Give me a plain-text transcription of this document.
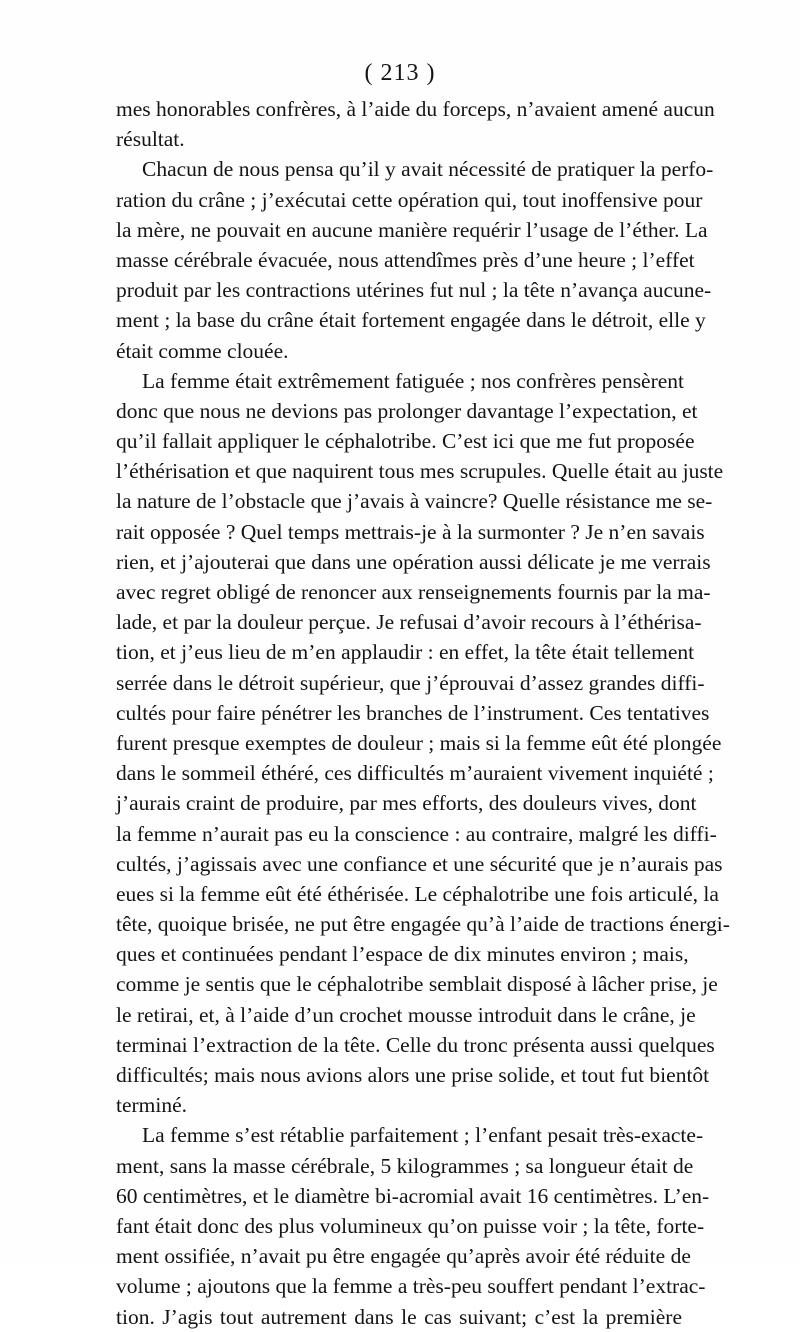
( 213 )
mes honorables confrères, à l’aide du forceps, n’avaient amené aucun
résultat.
Chacun de nous pensa qu’il y avait nécessité de pratiquer la perfo-
ration du crâne ; j’exécutai cette opération qui, tout inoffensive pour
la mère, ne pouvait en aucune manière requérir l’usage de l’éther. La
masse cérébrale évacuée, nous attendîmes près d’une heure ; l’effet
produit par les contractions utérines fut nul ; la tête n’avança aucune-
ment ; la base du crâne était fortement engagée dans le détroit, elle y
était comme clouée.
La femme était extrêmement fatiguée ; nos confrères pensèrent
donc que nous ne devions pas prolonger davantage l’expectation, et
qu’il fallait appliquer le céphalotribe. C’est ici que me fut proposée
l’éthérisation et que naquirent tous mes scrupules. Quelle était au juste
la nature de l’obstacle que j’avais à vaincre? Quelle résistance me se-
rait opposée ? Quel temps mettrais-je à la surmonter ? Je n’en savais
rien, et j’ajouterai que dans une opération aussi délicate je me verrais
avec regret obligé de renoncer aux renseignements fournis par la ma-
lade, et par la douleur perçue. Je refusai d’avoir recours à l’éthérisa-
tion, et j’eus lieu de m’en applaudir : en effet, la tête était tellement
serrée dans le détroit supérieur, que j’éprouvai d’assez grandes diffi-
cultés pour faire pénétrer les branches de l’instrument. Ces tentatives
furent presque exemptes de douleur ; mais si la femme eût été plongée
dans le sommeil éthéré, ces difficultés m’auraient vivement inquiété ;
j’aurais craint de produire, par mes efforts, des douleurs vives, dont
la femme n’aurait pas eu la conscience : au contraire, malgré les diffi-
cultés, j’agissais avec une confiance et une sécurité que je n’aurais pas
eues si la femme eût été éthérisée. Le céphalotribe une fois articulé, la
tête, quoique brisée, ne put être engagée qu’à l’aide de tractions énergi-
ques et continuées pendant l’espace de dix minutes environ ; mais,
comme je sentis que le céphalotribe semblait disposé à lâcher prise, je
le retirai, et, à l’aide d’un crochet mousse introduit dans le crâne, je
terminai l’extraction de la tête. Celle du tronc présenta aussi quelques
difficultés; mais nous avions alors une prise solide, et tout fut bientôt
terminé.
La femme s’est rétablie parfaitement ; l’enfant pesait très-exacte-
ment, sans la masse cérébrale, 5 kilogrammes ; sa longueur était de
60 centimètres, et le diamètre bi-acromial avait 16 centimètres. L’en-
fant était donc des plus volumineux qu’on puisse voir ; la tête, forte-
ment ossifiée, n’avait pu être engagée qu’après avoir été réduite de
volume ; ajoutons que la femme a très-peu souffert pendant l’extrac-
tion. J’agis tout autrement dans le cas suivant; c’est la première
